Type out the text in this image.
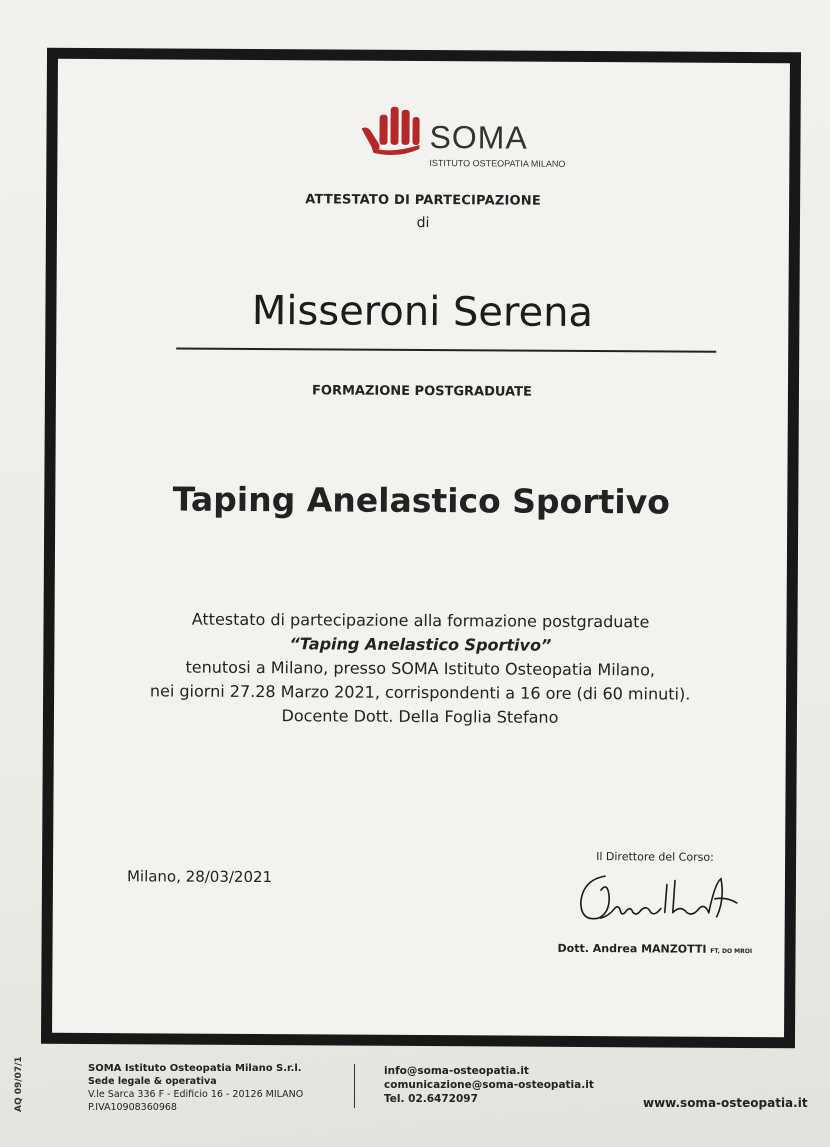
SOMA
ISTITUTO OSTEOPATIA MILANO
ATTESTATO DI PARTECIPAZIONE
di
Misseroni Serena
FORMAZIONE POSTGRADUATE
Taping Anelastico Sportivo
Attestato di partecipazione alla formazione postgraduate
“Taping Anelastico Sportivo”
tenutosi a Milano, presso SOMA Istituto Osteopatia Milano,
nei giorni 27.28 Marzo 2021, corrispondenti a 16 ore (di 60 minuti).
Docente Dott. Della Foglia Stefano
Milano, 28/03/2021
Il Direttore del Corso:
Dott. Andrea MANZOTTI FT, DO MROI
AQ 09/07/1	SOMA Istituto Osteopatia Milano S.r.l.
Sede legale & operativa
V.le Sarca 336 F - Edificio 16 - 20126 MILANO
P.IVA10908360968
info@soma-osteopatia.it
comunicazione@soma-osteopatia.it
Tel. 02.6472097	www.soma-osteopatia.it
